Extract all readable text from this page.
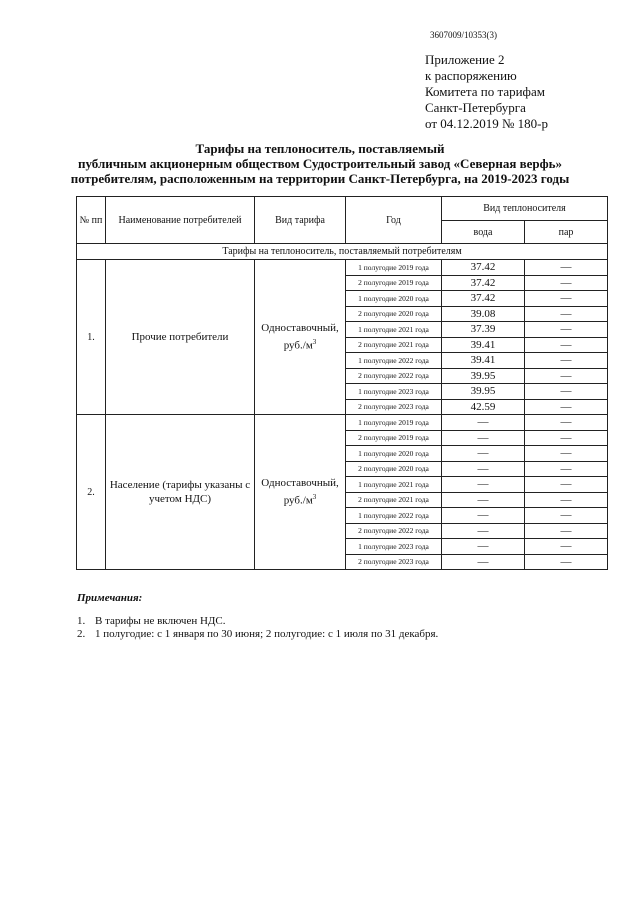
3607009/10353(3)
Приложение 2
к распоряжению
Комитета по тарифам
Санкт-Петербурга
от 04.12.2019 № 180-р
Тарифы на теплоноситель, поставляемый
публичным акционерным обществом Судостроительный завод «Северная верфь»
потребителям, расположенным на территории Санкт-Петербурга, на 2019-2023 годы
№ пп	Наименование потребителей	Вид тарифа	Год	Вид теплоносителя	
				вода	пар
Тарифы на теплоноситель, поставляемый потребителям					
1.	Прочие потребители	Одноставочный, $руб./м^3$	1 полугодие 2019 года	37.42	—
			2 полугодие 2019 года	37.42	—
			1 полугодие 2020 года	37.42	—
			2 полугодие 2020 года	39.08	—
			1 полугодие 2021 года	37.39	—
			2 полугодие 2021 года	39.41	—
			1 полугодие 2022 года	39.41	—
			2 полугодие 2022 года	39.95	—
			1 полугодие 2023 года	39.95	—
			2 полугодие 2023 года	42.59	—
2.	Население (тарифы указаны с учетом НДС)	Одноставочный, $руб./м^3$	1 полугодие 2019 года	—	—
			2 полугодие 2019 года	—	—
			1 полугодие 2020 года	—	—
			2 полугодие 2020 года	—	—
			1 полугодие 2021 года	—	—
			2 полугодие 2021 года	—	—
			1 полугодие 2022 года	—	—
			2 полугодие 2022 года	—	—
			1 полугодие 2023 года	—	—
			2 полугодие 2023 года	—	—
Примечания:
1. В тарифы не включен НДС.
2. 1 полугодие: с 1 января по 30 июня; 2 полугодие: с 1 июля по 31 декабря.
